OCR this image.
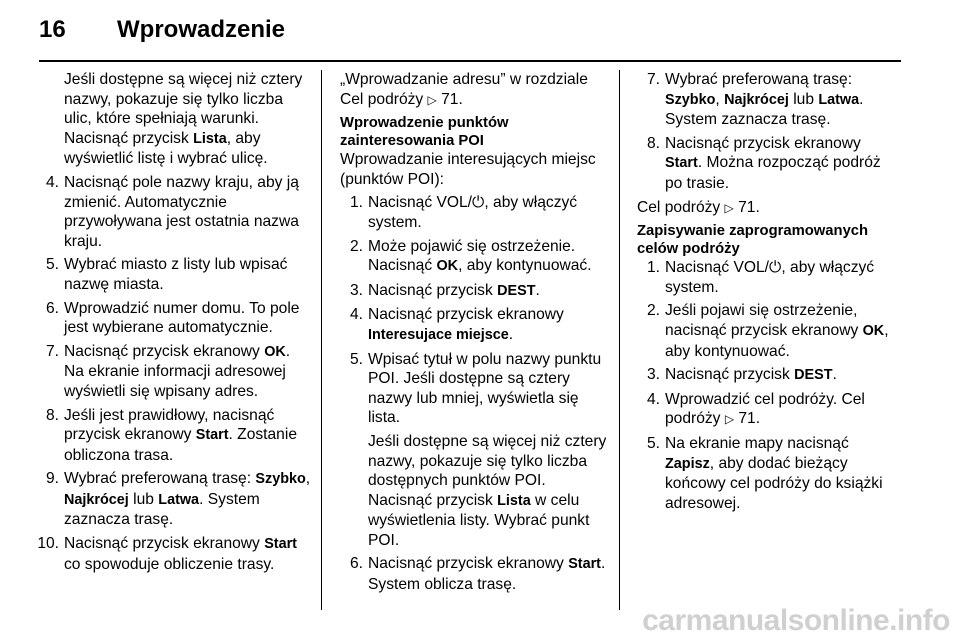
16 Wprowadzenie

Jeśli dostępne są więcej niż cztery nazwy, pokazuje się tylko liczba ulic, które spełniają warunki. Nacisnąć przycisk Lista, aby wyświetlić listę i wybrać ulicę.

4. Nacisnąć pole nazwy kraju, aby ją zmienić. Automatycznie przywoływana jest ostatnia nazwa kraju.
5. Wybrać miasto z listy lub wpisać nazwę miasta.
6. Wprowadzić numer domu. To pole jest wybierane automatycznie.
7. Nacisnąć przycisk ekranowy OK. Na ekranie informacji adresowej wyświetli się wpisany adres.
8. Jeśli jest prawidłowy, nacisnąć przycisk ekranowy Start. Zostanie obliczona trasa.
9. Wybrać preferowaną trasę: Szybko, Najkrócej lub Latwa. System zaznacza trasę.
10. Nacisnąć przycisk ekranowy Start co spowoduje obliczenie trasy.

„Wprowadzanie adresu” w rozdziale Cel podróży ▷ 71.

Wprowadzenie punktów zainteresowania POI

Wprowadzanie interesujących miejsc (punktów POI):

1. Nacisnąć VOL/⏻, aby włączyć system.
2. Może pojawić się ostrzeżenie. Nacisnąć OK, aby kontynuować.
3. Nacisnąć przycisk DEST.
4. Nacisnąć przycisk ekranowy Interesujace miejsce.
5. Wpisać tytuł w polu nazwy punktu POI. Jeśli dostępne są cztery nazwy lub mniej, wyświetla się lista.

Jeśli dostępne są więcej niż cztery nazwy, pokazuje się tylko liczba dostępnych punktów POI. Nacisnąć przycisk Lista w celu wyświetlenia listy. Wybrać punkt POI.

6. Nacisnąć przycisk ekranowy Start. System oblicza trasę.
7. Wybrać preferowaną trasę: Szybko, Najkrócej lub Latwa. System zaznacza trasę.
8. Nacisnąć przycisk ekranowy Start. Można rozpocząć podróż po trasie.

Cel podróży ▷ 71.

Zapisywanie zaprogramowanych celów podróży
1. Nacisnąć VOL/⏻, aby włączyć system.
2. Jeśli pojawi się ostrzeżenie, nacisnąć przycisk ekranowy OK, aby kontynuować.
3. Nacisnąć przycisk DEST.
4. Wprowadzić cel podróży. Cel podróży ▷ 71.
5. Na ekranie mapy nacisnąć Zapisz, aby dodać bieżący końcowy cel podróży do książki adresowej.
carmanualsonline.info
